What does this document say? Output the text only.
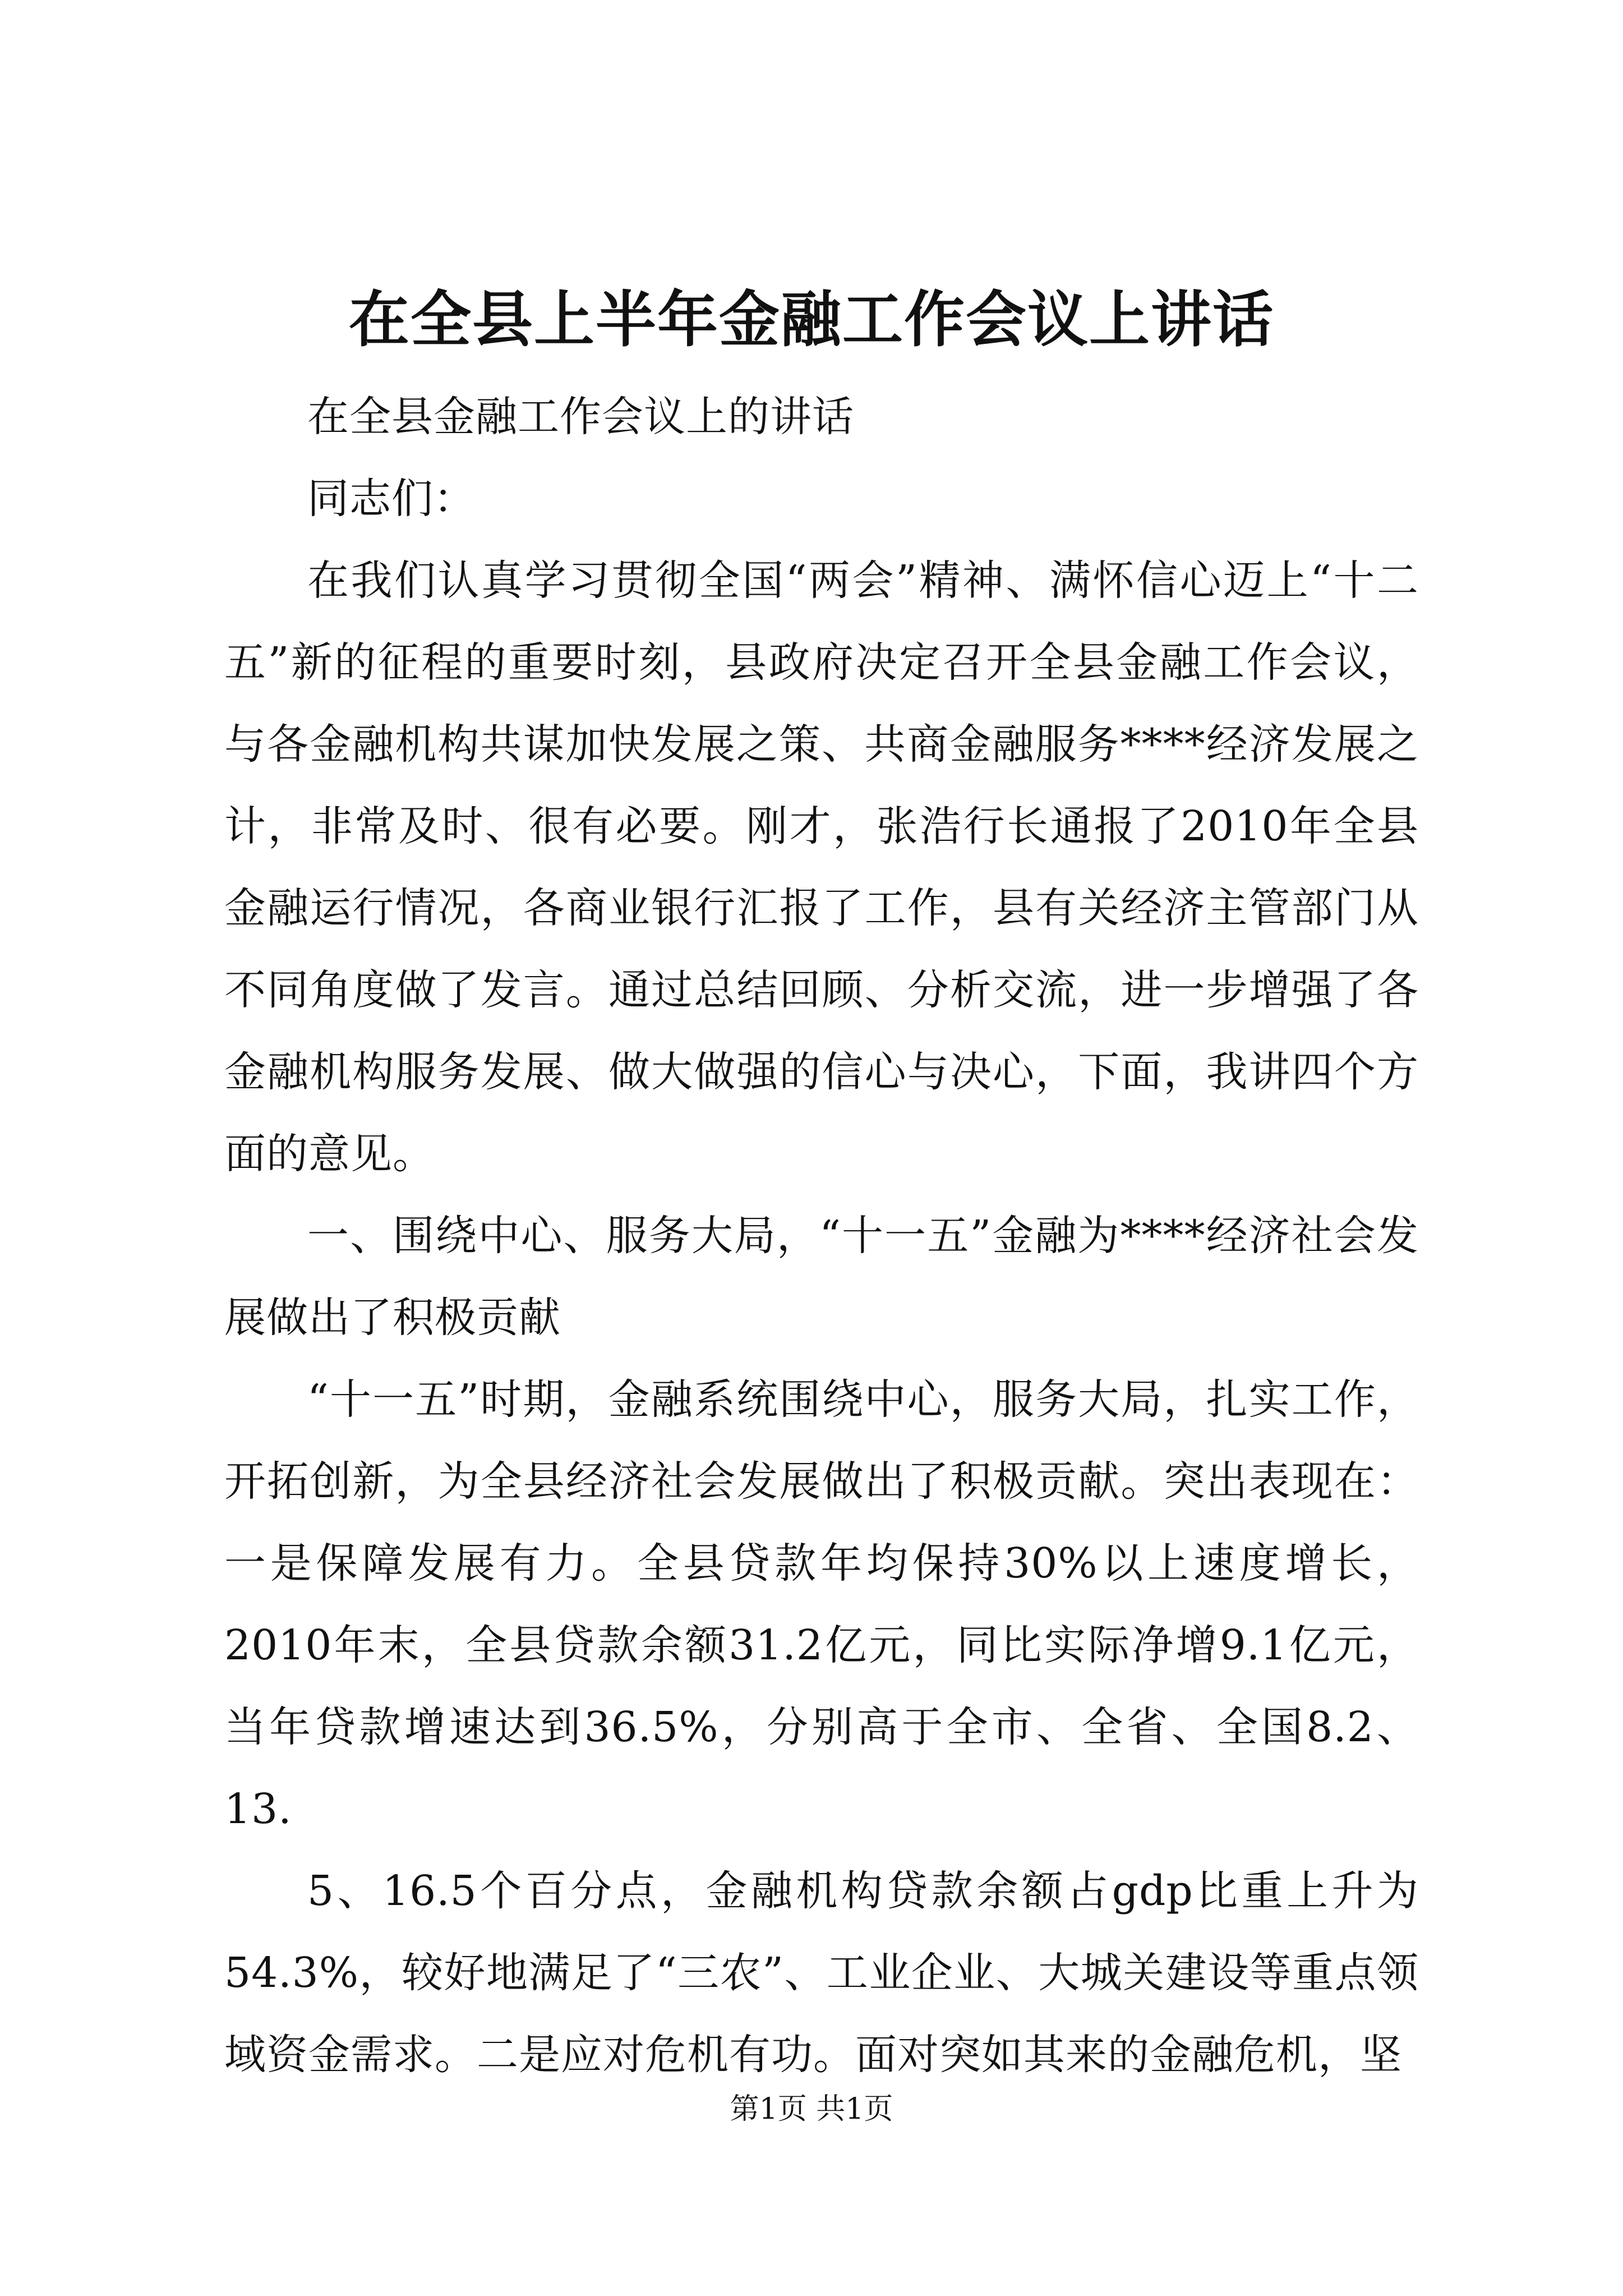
在全县上半年金融工作会议上讲话

在全县金融工作会议上的讲话

同志们：

在我们认真学习贯彻全国“两会”精神、满怀信心迈上“十二五”新的征程的重要时刻，县政府决定召开全县金融工作会议，与各金融机构共谋加快发展之策、共商金融服务****经济发展之计，非常及时、很有必要。刚才，张浩行长通报了2010年全县金融运行情况，各商业银行汇报了工作，县有关经济主管部门从不同角度做了发言。通过总结回顾、分析交流，进一步增强了各金融机构服务发展、做大做强的信心与决心，下面，我讲四个方面的意见。

一、围绕中心、服务大局，“十一五”金融为****经济社会发展做出了积极贡献

“十一五”时期，金融系统围绕中心，服务大局，扎实工作，开拓创新，为全县经济社会发展做出了积极贡献。突出表现在：一是保障发展有力。全县贷款年均保持30%以上速度增长，2010年末，全县贷款余额31.2亿元，同比实际净增9.1亿元，当年贷款增速达到36.5%，分别高于全市、全省、全国8.2、13.

5、16.5个百分点，金融机构贷款余额占gdp比重上升为54.3%，较好地满足了“三农”、工业企业、大城关建设等重点领域资金需求。二是应对危机有功。面对突如其来的金融危机，坚

第1页 共1页
